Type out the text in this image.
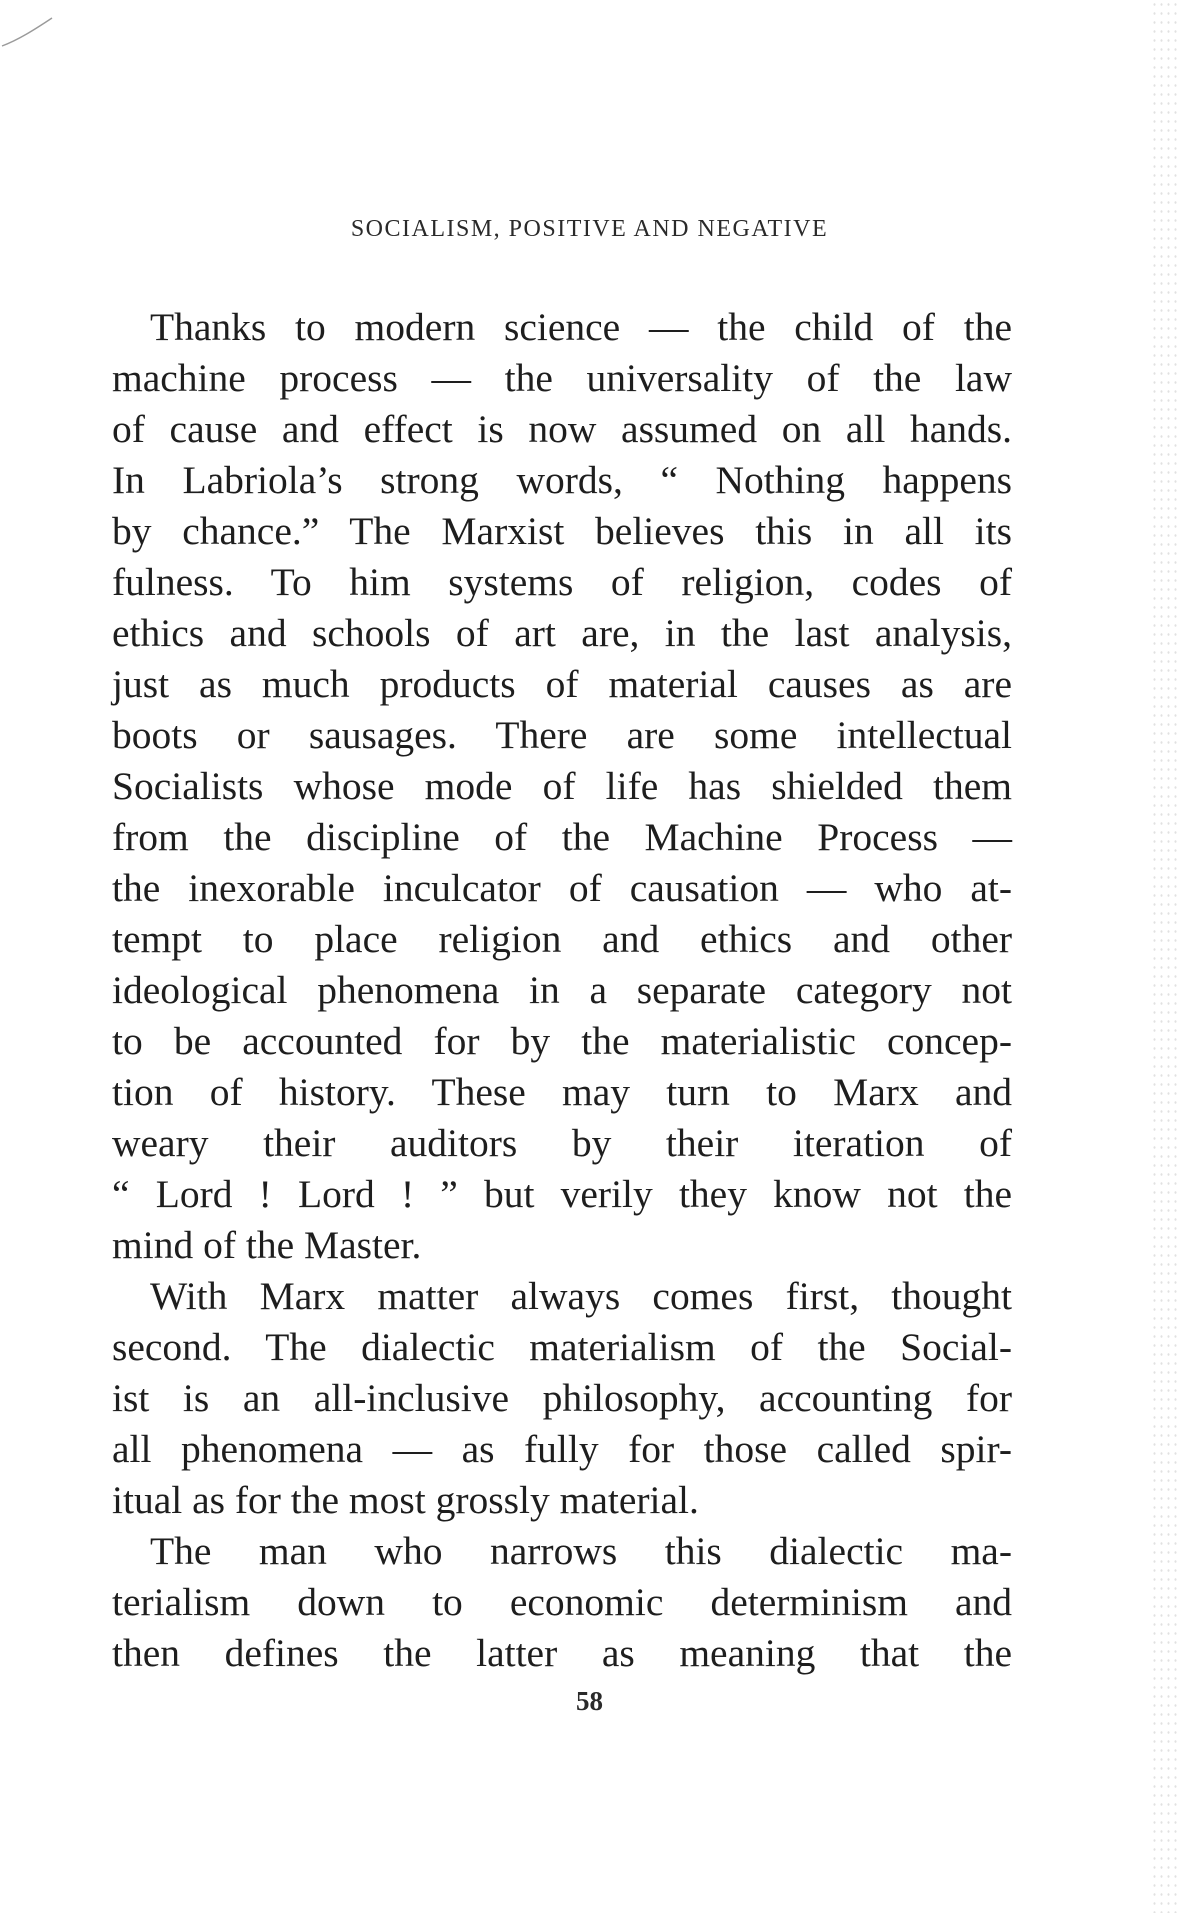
SOCIALISM, POSITIVE AND NEGATIVE
Thanks to modern science — the child of the
machine process — the universality of the law
of cause and effect is now assumed on all hands.
In Labriola’s strong words, “ Nothing happens
by chance.” The Marxist believes this in all its
fulness. To him systems of religion, codes of
ethics and schools of art are, in the last analysis,
just as much products of material causes as are
boots or sausages. There are some intellectual
Socialists whose mode of life has shielded them
from the discipline of the Machine Process —
the inexorable inculcator of causation — who at-
tempt to place religion and ethics and other
ideological phenomena in a separate category not
to be accounted for by the materialistic concep-
tion of history. These may turn to Marx and
weary their auditors by their iteration of
“ Lord ! Lord ! ” but verily they know not the
mind of the Master.
With Marx matter always comes first, thought
second. The dialectic materialism of the Social-
ist is an all-inclusive philosophy, accounting for
all phenomena — as fully for those called spir-
itual as for the most grossly material.
The man who narrows this dialectic ma-
terialism down to economic determinism and
then defines the latter as meaning that the
58
